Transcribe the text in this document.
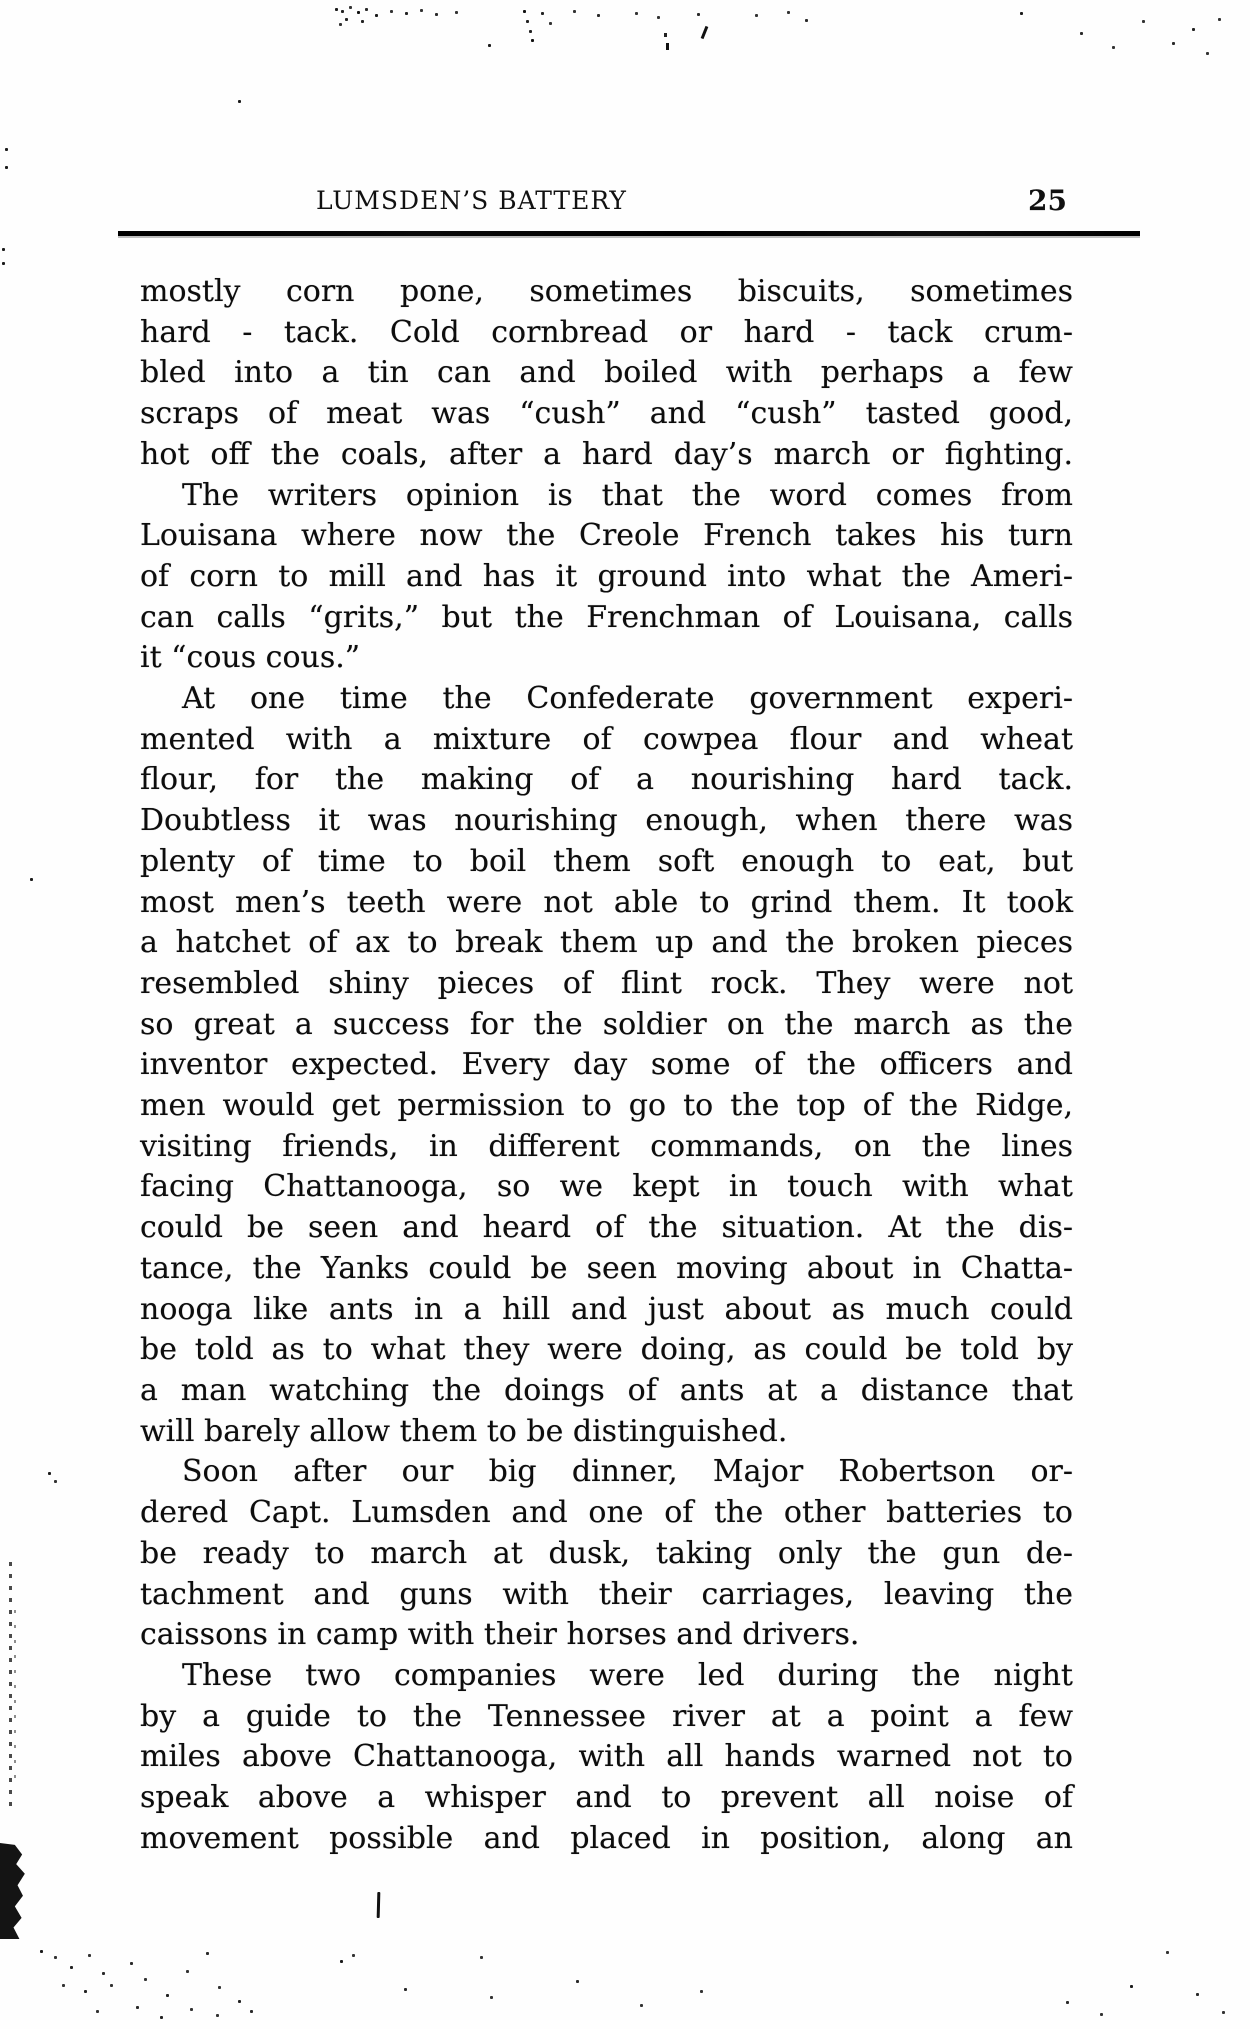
LUMSDEN’S BATTERY	25
mostly corn pone, sometimes biscuits, sometimes
hard - tack. Cold cornbread or hard - tack crum-
bled into a tin can and boiled with perhaps a few
scraps of meat was “cush” and “cush” tasted good,
hot off the coals, after a hard day’s march or fighting.
The writers opinion is that the word comes from
Louisana where now the Creole French takes his turn
of corn to mill and has it ground into what the Ameri-
can calls “grits,” but the Frenchman of Louisana, calls
it “cous cous.”
At one time the Confederate government experi-
mented with a mixture of cowpea flour and wheat
flour, for the making of a nourishing hard tack.
Doubtless it was nourishing enough, when there was
plenty of time to boil them soft enough to eat, but
most men’s teeth were not able to grind them. It took
a hatchet of ax to break them up and the broken pieces
resembled shiny pieces of flint rock. They were not
so great a success for the soldier on the march as the
inventor expected. Every day some of the officers and
men would get permission to go to the top of the Ridge,
visiting friends, in different commands, on the lines
facing Chattanooga, so we kept in touch with what
could be seen and heard of the situation. At the dis-
tance, the Yanks could be seen moving about in Chatta-
nooga like ants in a hill and just about as much could
be told as to what they were doing, as could be told by
a man watching the doings of ants at a distance that
will barely allow them to be distinguished.
Soon after our big dinner, Major Robertson or-
dered Capt. Lumsden and one of the other batteries to
be ready to march at dusk, taking only the gun de-
tachment and guns with their carriages, leaving the
caissons in camp with their horses and drivers.
These two companies were led during the night
by a guide to the Tennessee river at a point a few
miles above Chattanooga, with all hands warned not to
speak above a whisper and to prevent all noise of
movement possible and placed in position, along an
